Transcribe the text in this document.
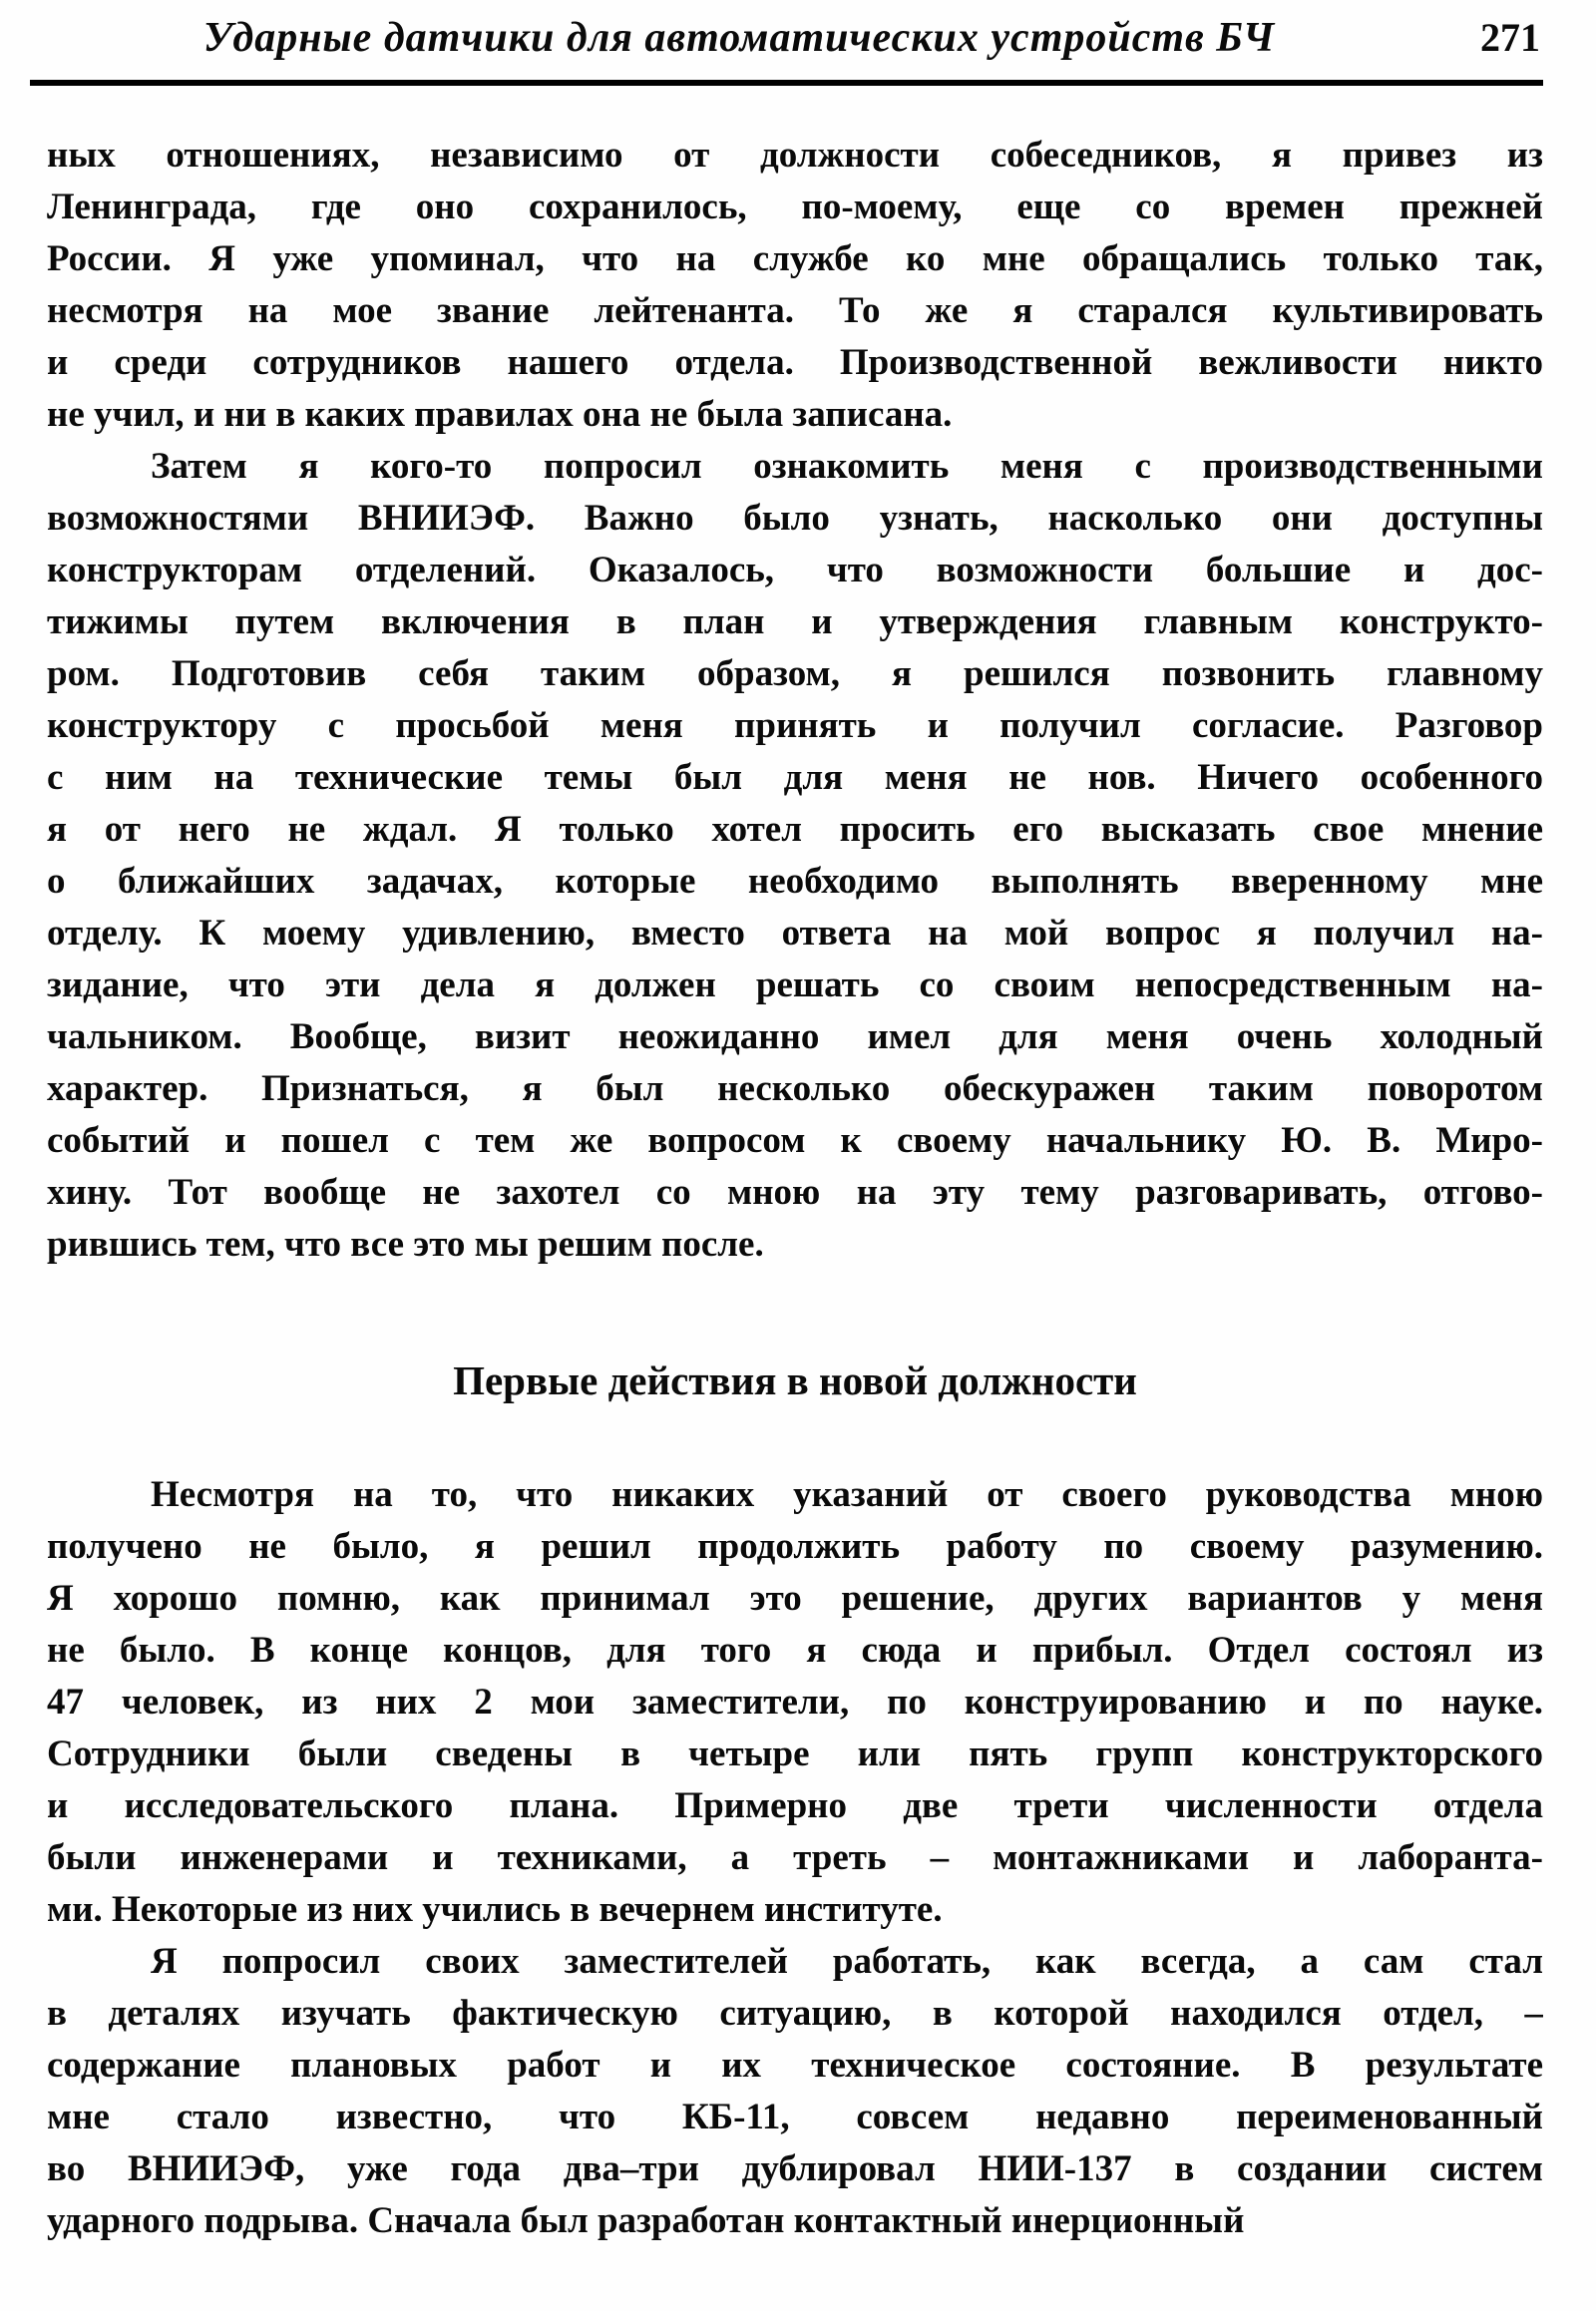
Ударные датчики для автоматических устройств БЧ	271
ных отношениях, независимо от должности собеседников, я привез из
Ленинграда, где оно сохранилось, по-моему, еще со времен прежней
России. Я уже упоминал, что на службе ко мне обращались только так,
несмотря на мое звание лейтенанта. То же я старался культивировать
и среди сотрудников нашего отдела. Производственной вежливости никто
не учил, и ни в каких правилах она не была записана.
Затем я кого-то попросил ознакомить меня с производственными
возможностями ВНИИЭФ. Важно было узнать, насколько они доступны
конструкторам отделений. Оказалось, что возможности большие и дос-
тижимы путем включения в план и утверждения главным конструкто-
ром. Подготовив себя таким образом, я решился позвонить главному
конструктору с просьбой меня принять и получил согласие. Разговор
с ним на технические темы был для меня не нов. Ничего особенного
я от него не ждал. Я только хотел просить его высказать свое мнение
о ближайших задачах, которые необходимо выполнять вверенному мне
отделу. К моему удивлению, вместо ответа на мой вопрос я получил на-
зидание, что эти дела я должен решать со своим непосредственным на-
чальником. Вообще, визит неожиданно имел для меня очень холодный
характер. Признаться, я был несколько обескуражен таким поворотом
событий и пошел с тем же вопросом к своему начальнику Ю. В. Миро-
хину. Тот вообще не захотел со мною на эту тему разговаривать, отгово-
рившись тем, что все это мы решим после.
Первые действия в новой должности
Несмотря на то, что никаких указаний от своего руководства мною
получено не было, я решил продолжить работу по своему разумению.
Я хорошо помню, как принимал это решение, других вариантов у меня
не было. В конце концов, для того я сюда и прибыл. Отдел состоял из
47 человек, из них 2 мои заместители, по конструированию и по науке.
Сотрудники были сведены в четыре или пять групп конструкторского
и исследовательского плана. Примерно две трети численности отдела
были инженерами и техниками, а треть – монтажниками и лаборанта-
ми. Некоторые из них учились в вечернем институте.
Я попросил своих заместителей работать, как всегда, а сам стал
в деталях изучать фактическую ситуацию, в которой находился отдел, –
содержание плановых работ и их техническое состояние. В результате
мне стало известно, что КБ-11, совсем недавно переименованный
во ВНИИЭФ, уже года два–три дублировал НИИ-137 в создании систем
ударного подрыва. Сначала был разработан контактный инерционный
